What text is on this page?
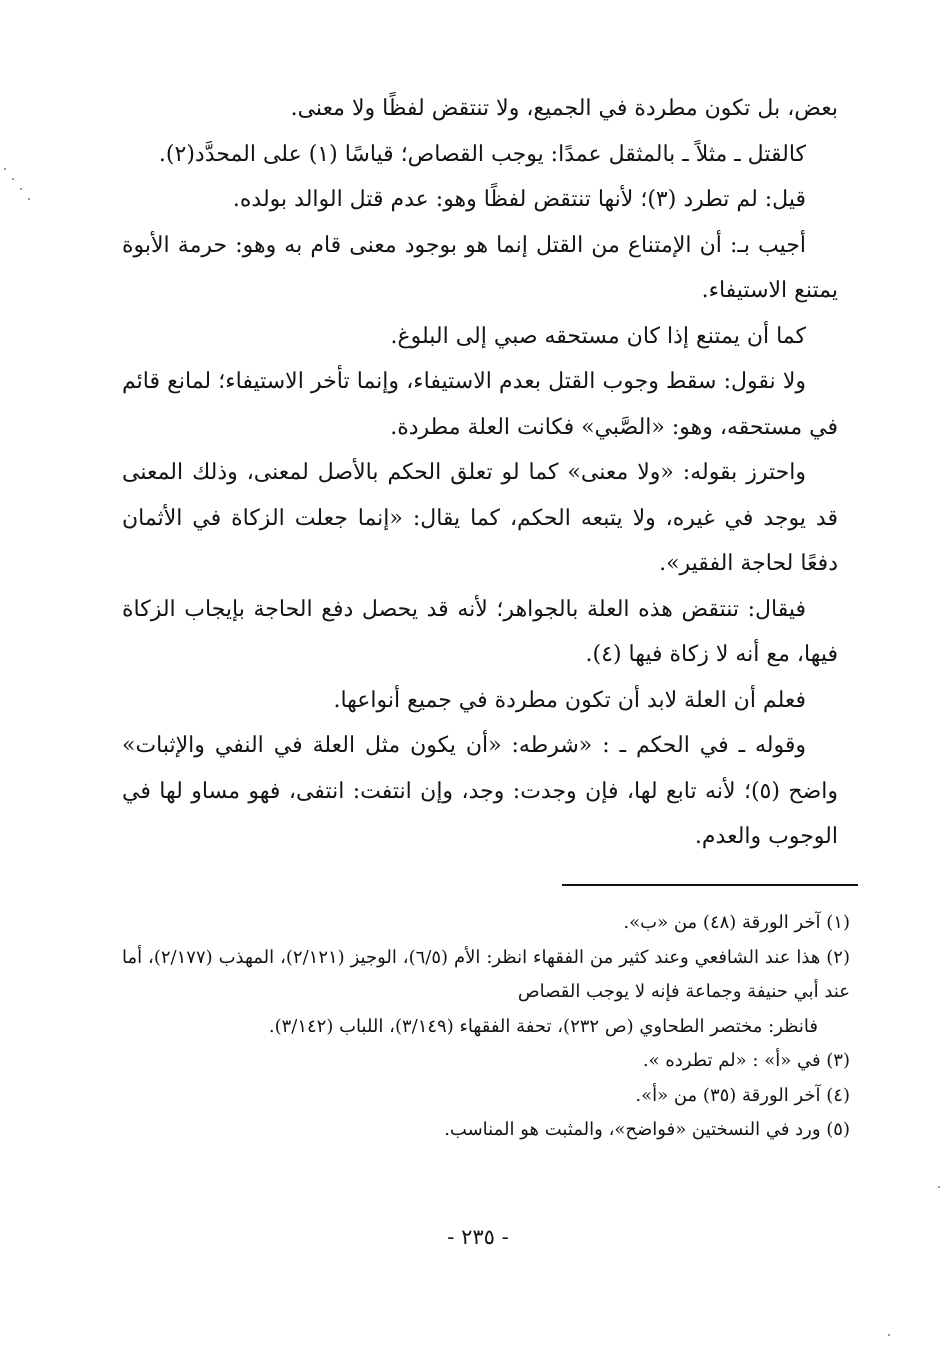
بعض، بل تكون مطردة في الجميع، ولا تنتقض لفظًا ولا معنى.

كالقتل ـ مثلاً ـ بالمثقل عمدًا: يوجب القصاص؛ قياسًا (١) على المحدَّد(٢).

قيل: لم تطرد (٣)؛ لأنها تنتقض لفظًا وهو: عدم قتل الوالد بولده.

أجيب بـ: أن الإمتناع من القتل إنما هو بوجود معنى قام به وهو: حرمة الأبوة يمتنع الاستيفاء.

كما أن يمتنع إذا كان مستحقه صبي إلى البلوغ.

ولا نقول: سقط وجوب القتل بعدم الاستيفاء، وإنما تأخر الاستيفاء؛ لمانع قائم في مستحقه، وهو: «الصَّبي» فكانت العلة مطردة.

واحترز بقوله: «ولا معنى» كما لو تعلق الحكم بالأصل لمعنى، وذلك المعنى قد يوجد في غيره، ولا يتبعه الحكم، كما يقال: «إنما جعلت الزكاة في الأثمان دفعًا لحاجة الفقير».

فيقال: تنتقض هذه العلة بالجواهر؛ لأنه قد يحصل دفع الحاجة بإيجاب الزكاة فيها، مع أنه لا زكاة فيها (٤).

فعلم أن العلة لابد أن تكون مطردة في جميع أنواعها.

وقوله ـ في الحكم ـ : «شرطه: «أن يكون مثل العلة في النفي والإثبات» واضح (٥)؛ لأنه تابع لها، فإن وجدت: وجد، وإن انتفت: انتفى، فهو مساو لها في الوجوب والعدم.

(١) آخر الورقة (٤٨) من «ب».

(٢) هذا عند الشافعي وعند كثير من الفقهاء انظر: الأم (٦/٥)، الوجيز (٢/١٢١)، المهذب (٢/١٧٧)، أما عند أبي حنيفة وجماعة فإنه لا يوجب القصاص

فانظر: مختصر الطحاوي (ص ٢٣٢)، تحفة الفقهاء (٣/١٤٩)، اللباب (٣/١٤٢).

(٣) في «أ» : «لم تطرده ».

(٤) آخر الورقة (٣٥) من «أ».

(٥) ورد في النسختين «فواضح»، والمثبت هو المناسب.

- ٢٣٥ -
